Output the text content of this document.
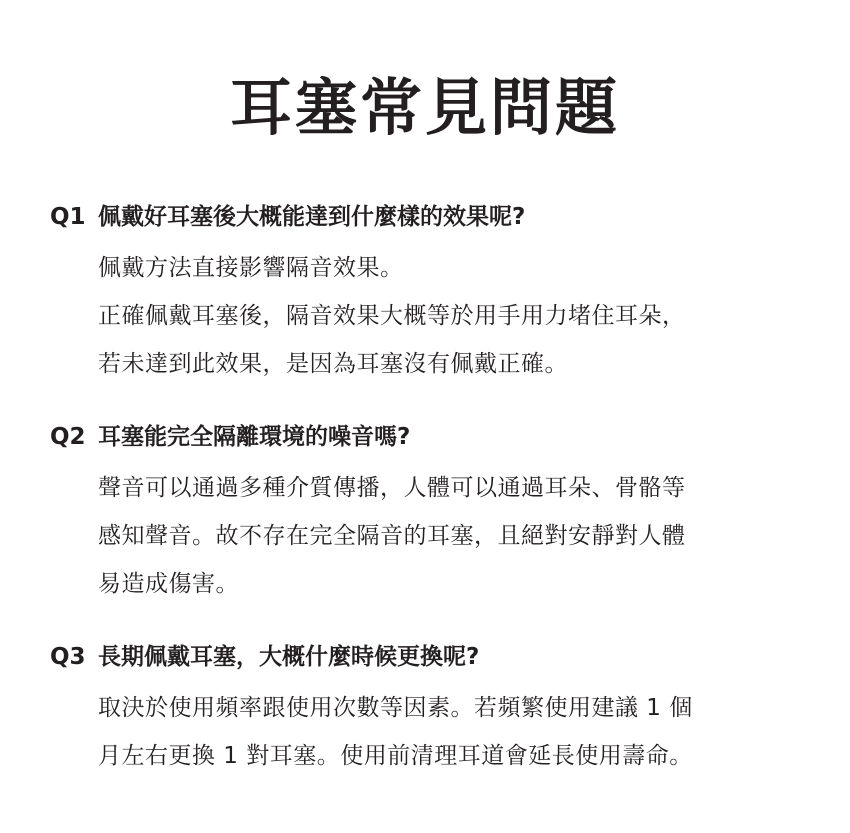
耳塞常見問題
Q1 佩戴好耳塞後大概能達到什麼樣的效果呢?

佩戴方法直接影響隔音效果。

正確佩戴耳塞後，隔音效果大概等於用手用力堵住耳朵，

若未達到此效果，是因為耳塞沒有佩戴正確。

Q2 耳塞能完全隔離環境的噪音嗎?

聲音可以通過多種介質傳播，人體可以通過耳朵、骨骼等

感知聲音。故不存在完全隔音的耳塞，且絕對安靜對人體

易造成傷害。

Q3 長期佩戴耳塞，大概什麼時候更換呢?

取決於使用頻率跟使用次數等因素。若頻繁使用建議 1 個

月左右更換 1 對耳塞。使用前清理耳道會延長使用壽命。
